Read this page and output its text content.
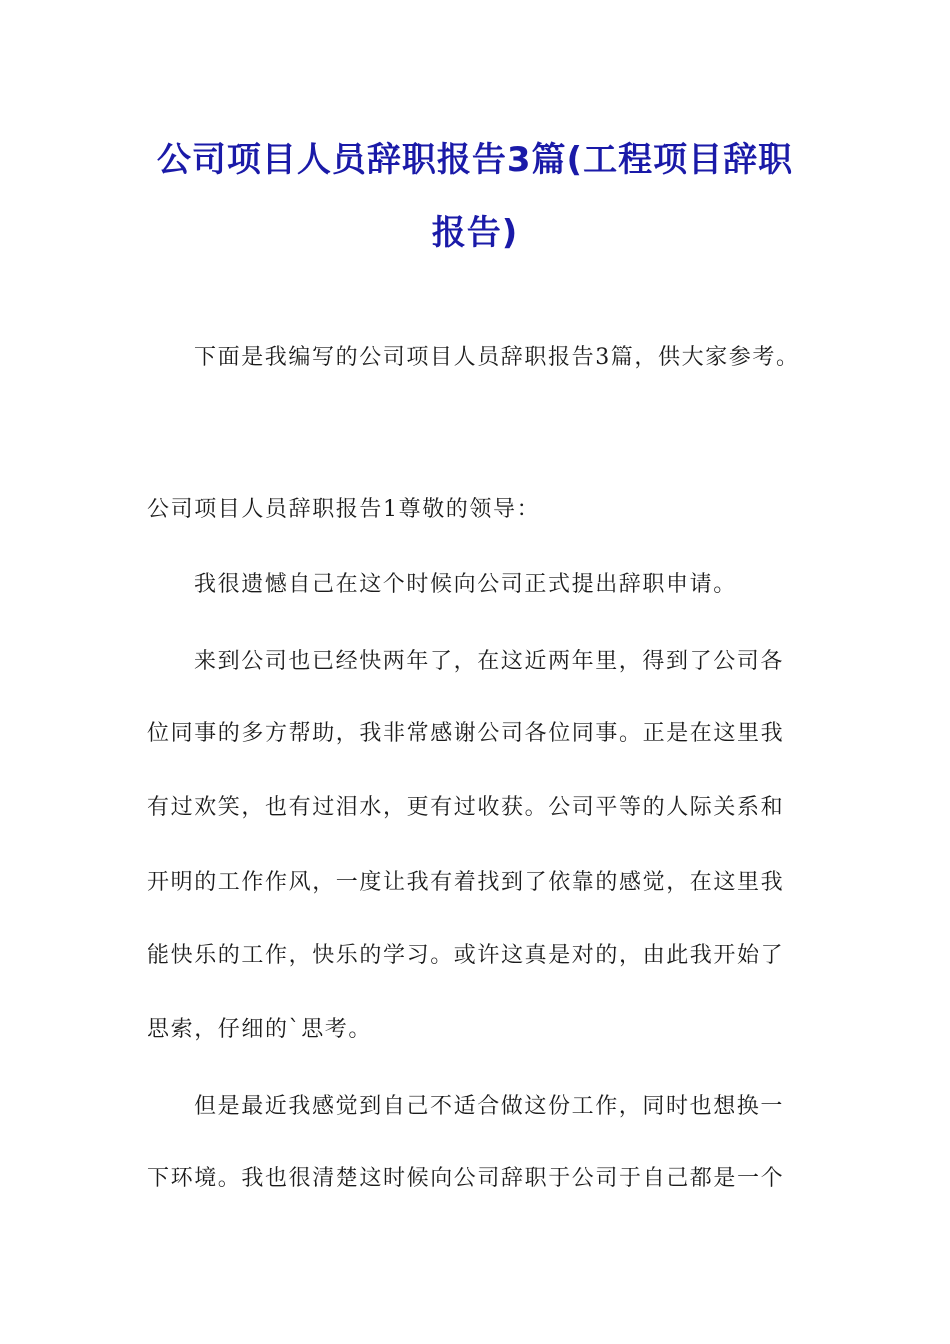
公司项目人员辞职报告3篇(工程项目辞职
报告)
下面是我编写的公司项目人员辞职报告3篇，供大家参考。
公司项目人员辞职报告1尊敬的领导：
我很遗憾自己在这个时候向公司正式提出辞职申请。
来到公司也已经快两年了，在这近两年里，得到了公司各
位同事的多方帮助，我非常感谢公司各位同事。正是在这里我
有过欢笑，也有过泪水，更有过收获。公司平等的人际关系和
开明的工作作风，一度让我有着找到了依靠的感觉，在这里我
能快乐的工作，快乐的学习。或许这真是对的，由此我开始了
思索，仔细的`思考。
但是最近我感觉到自己不适合做这份工作，同时也想换一
下环境。我也很清楚这时候向公司辞职于公司于自己都是一个
